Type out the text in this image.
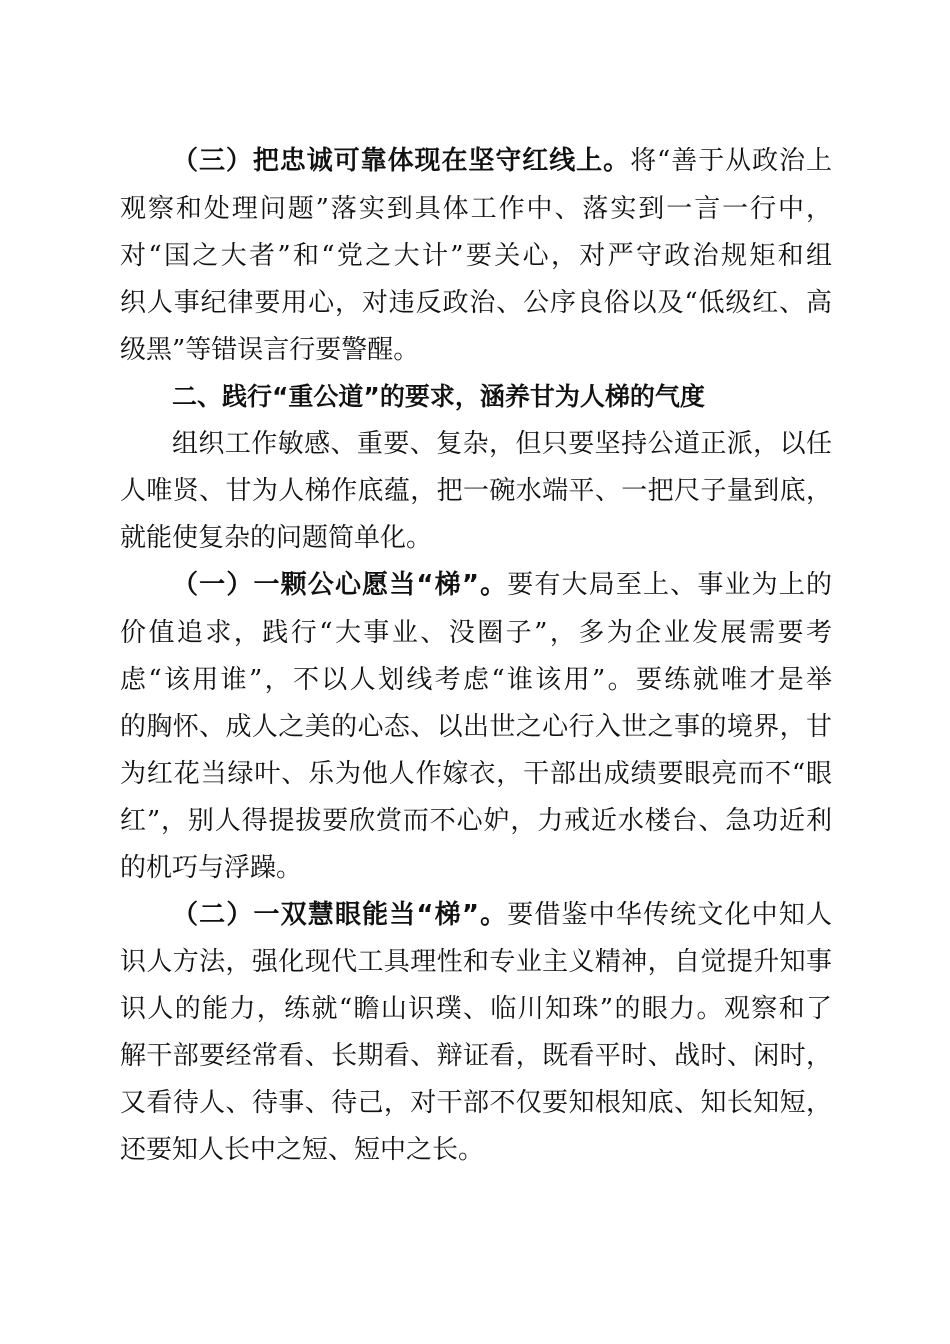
（三）把忠诚可靠体现在坚守红线上。将“善于从政治上
观察和处理问题”落实到具体工作中、落实到一言一行中，
对“国之大者”和“党之大计”要关心，对严守政治规矩和组
织人事纪律要用心，对违反政治、公序良俗以及“低级红、高
级黑”等错误言行要警醒。
二、践行“重公道”的要求，涵养甘为人梯的气度
组织工作敏感、重要、复杂，但只要坚持公道正派，以任
人唯贤、甘为人梯作底蕴，把一碗水端平、一把尺子量到底，
就能使复杂的问题简单化。
（一）一颗公心愿当“梯”。要有大局至上、事业为上的
价值追求，践行“大事业、没圈子”，多为企业发展需要考
虑“该用谁”，不以人划线考虑“谁该用”。要练就唯才是举
的胸怀、成人之美的心态、以出世之心行入世之事的境界，甘
为红花当绿叶、乐为他人作嫁衣，干部出成绩要眼亮而不“眼
红”，别人得提拔要欣赏而不心妒，力戒近水楼台、急功近利
的机巧与浮躁。
（二）一双慧眼能当“梯”。要借鉴中华传统文化中知人
识人方法，强化现代工具理性和专业主义精神，自觉提升知事
识人的能力，练就“瞻山识璞、临川知珠”的眼力。观察和了
解干部要经常看、长期看、辩证看，既看平时、战时、闲时，
又看待人、待事、待己，对干部不仅要知根知底、知长知短，
还要知人长中之短、短中之长。
